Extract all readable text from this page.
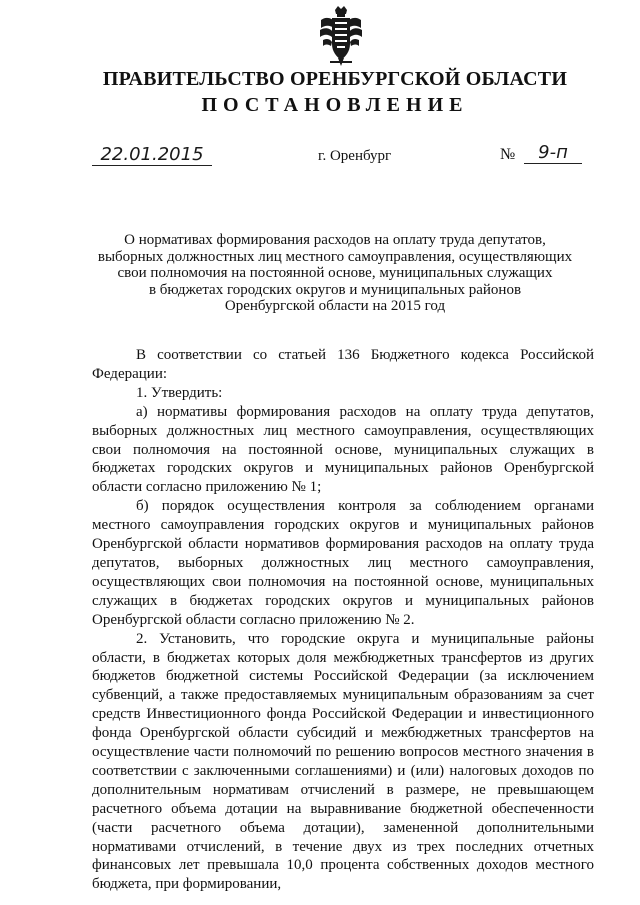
ПРАВИТЕЛЬСТВО ОРЕНБУРГСКОЙ ОБЛАСТИ
ПОСТАНОВЛЕНИЕ
22.01.2015	г. Оренбург	№	9-п
О нормативах формирования расходов на оплату труда депутатов,
выборных должностных лиц местного самоуправления, осуществляющих
свои полномочия на постоянной основе, муниципальных служащих
в бюджетах городских округов и муниципальных районов
Оренбургской области на 2015 год

В соответствии со статьей 136 Бюджетного кодекса Российской Федерации:

1. Утвердить:

а) нормативы формирования расходов на оплату труда депутатов, выборных должностных лиц местного самоуправления, осуществляющих свои полномочия на постоянной основе, муниципальных служащих в бюджетах городских округов и муниципальных районов Оренбургской области согласно приложению № 1;

б) порядок осуществления контроля за соблюдением органами местного самоуправления городских округов и муниципальных районов Оренбургской области нормативов формирования расходов на оплату труда депутатов, выборных должностных лиц местного самоуправления, осуществляющих свои полномочия на постоянной основе, муниципальных служащих в бюджетах городских округов и муниципальных районов Оренбургской области согласно приложению № 2.

2. Установить, что городские округа и муниципальные районы области, в бюджетах которых доля межбюджетных трансфертов из других бюджетов бюджетной системы Российской Федерации (за исключением субвенций, а также предоставляемых муниципальным образованиям за счет средств Инвестиционного фонда Российской Федерации и инвестиционного фонда Оренбургской области субсидий и межбюджетных трансфертов на осуществление части полномочий по решению вопросов местного значения в соответствии с заключенными соглашениями) и (или) налоговых доходов по дополнительным нормативам отчислений в размере, не превышающем расчетного объема дотации на выравнивание бюджетной обеспеченности (части расчетного объема дотации), замененной дополнительными нормативами отчислений, в течение двух из трех последних отчетных финансовых лет превышала 10,0 процента собственных доходов местного бюджета, при формировании,
